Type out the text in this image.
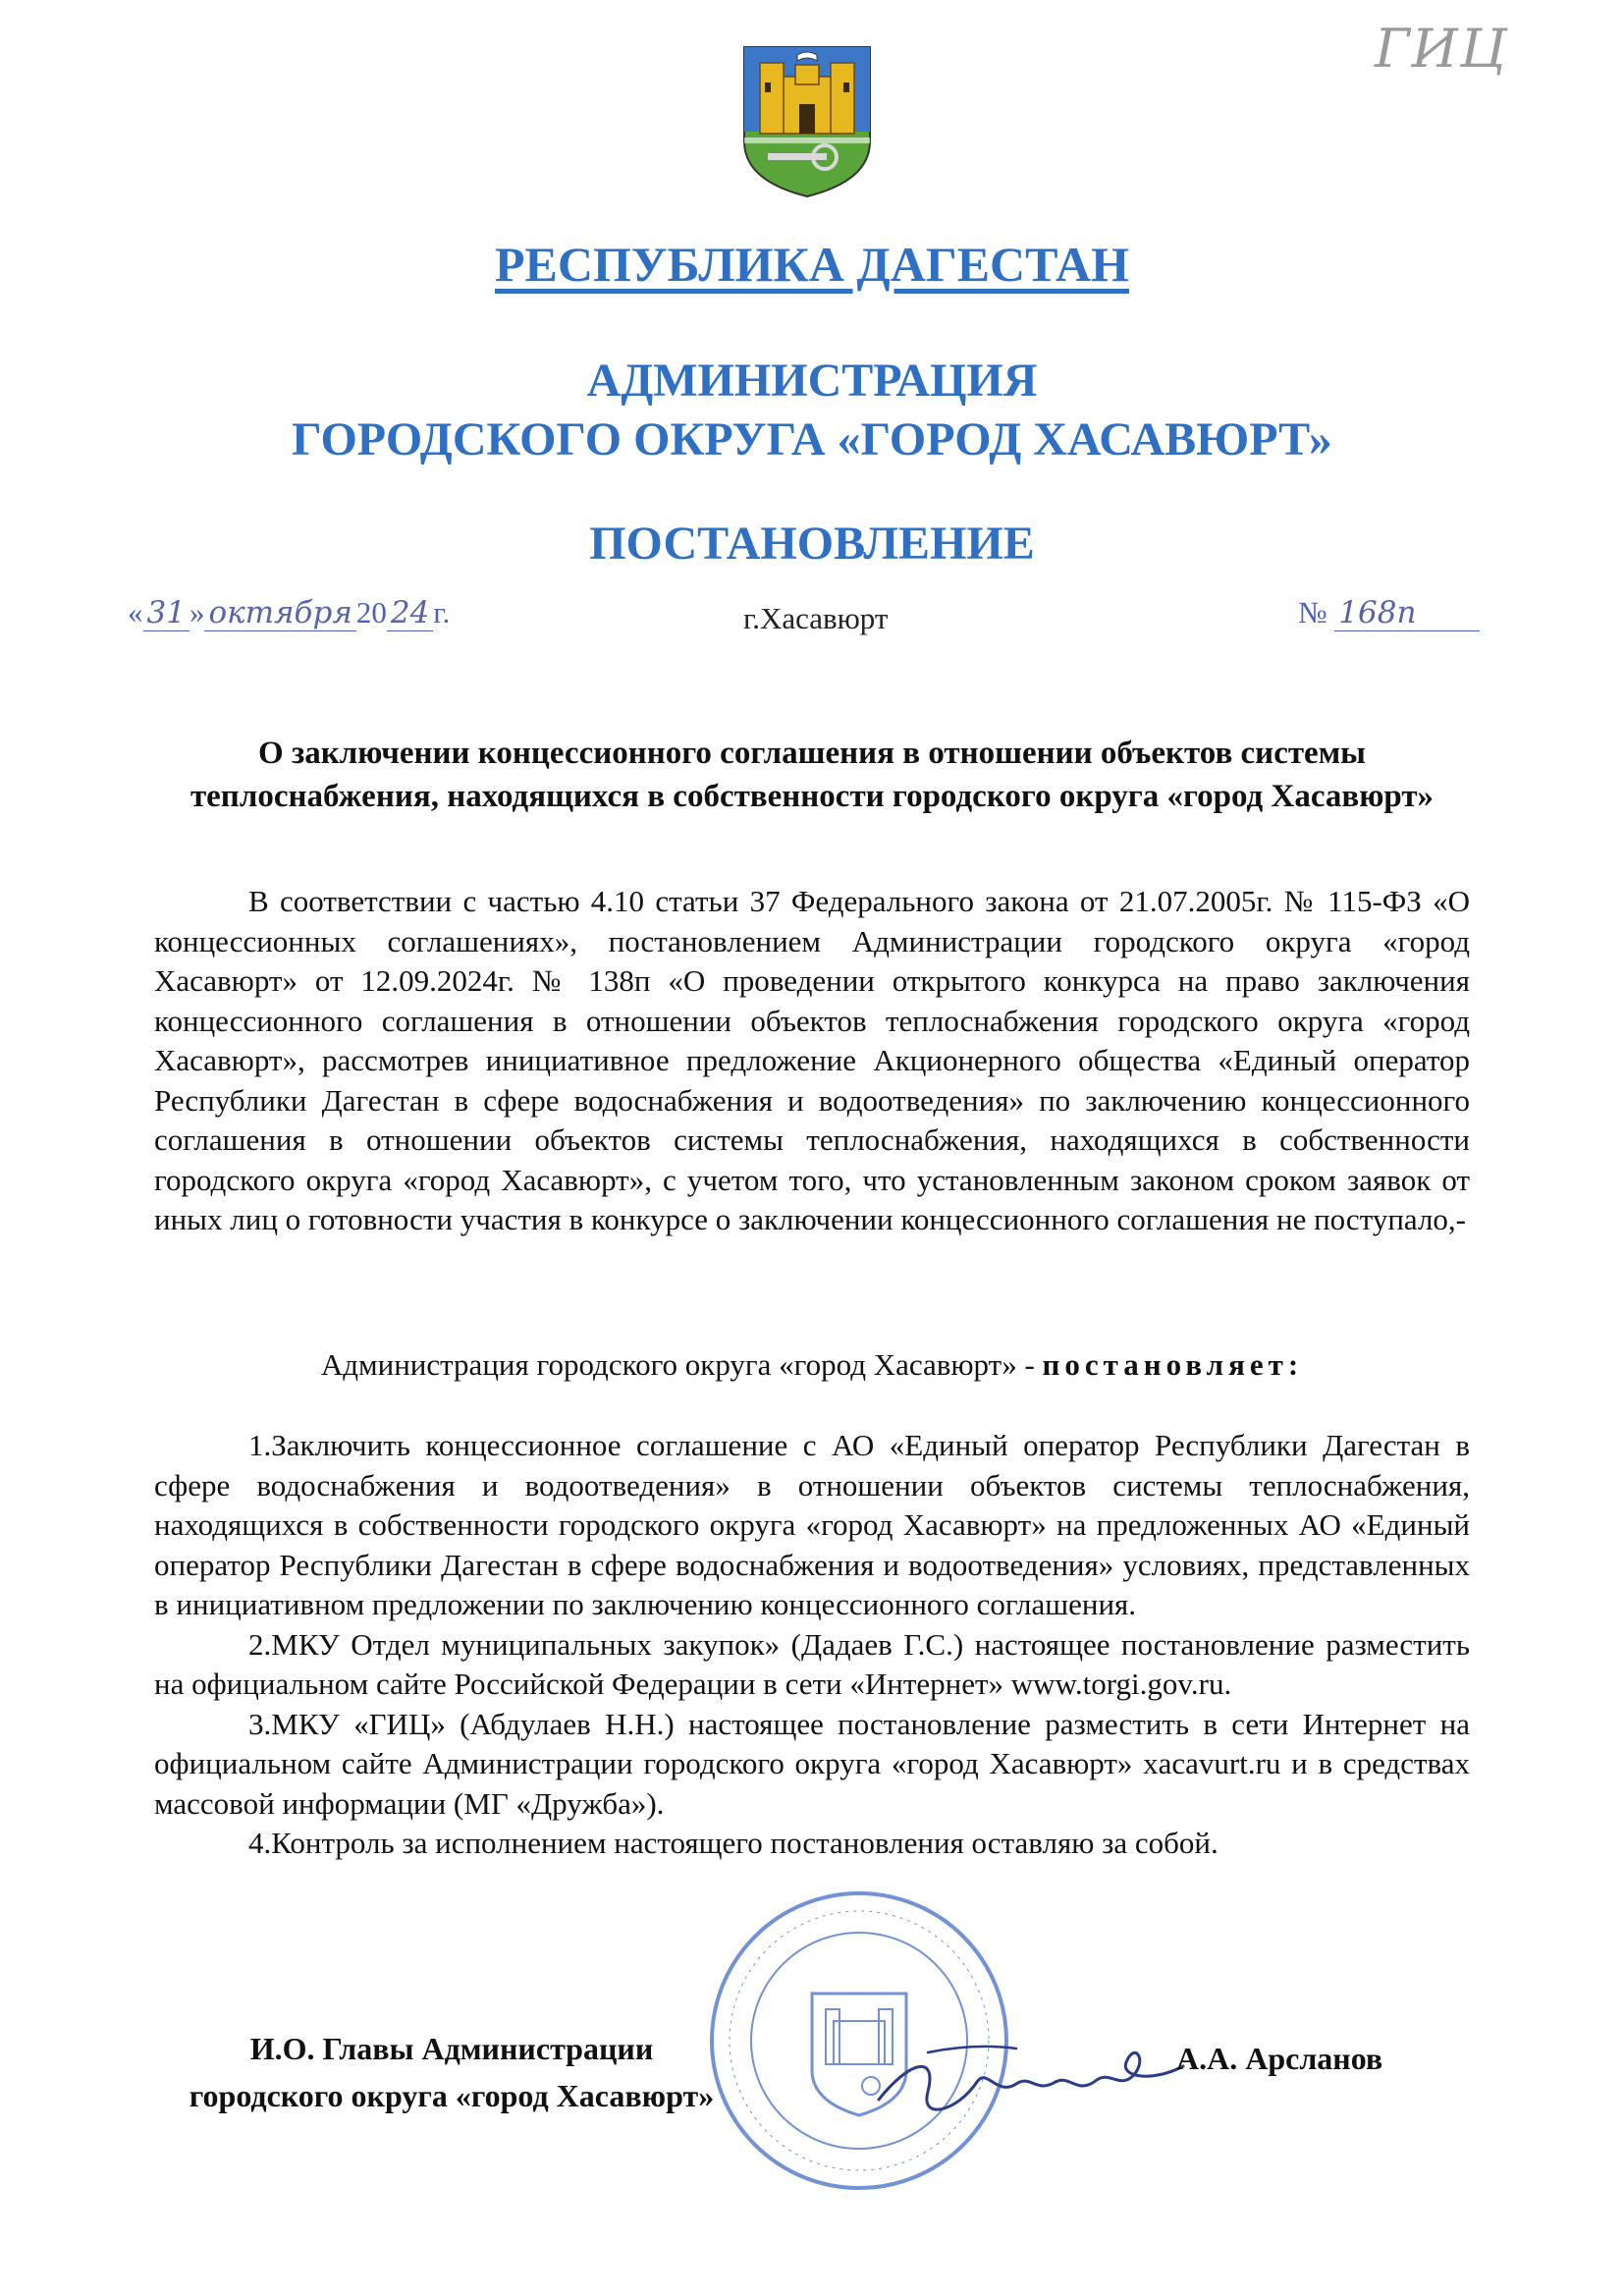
ГИЦ
РЕСПУБЛИКА ДАГЕСТАН
АДМИНИСТРАЦИЯ
ГОРОДСКОГО ОКРУГА «ГОРОД ХАСАВЮРТ»
ПОСТАНОВЛЕНИЕ
« 31 » октября 20 24 г.	г.Хасавюрт	№ 168п
О заключении концессионного соглашения в отношении объектов системы
теплоснабжения, находящихся в собственности городского округа «город Хасавюрт»
В соответствии с частью 4.10 статьи 37 Федерального закона от 21.07.2005г. № 115-ФЗ «О концессионных соглашениях», постановлением Администрации городского округа «город Хасавюрт» от 12.09.2024г. № 138п «О проведении открытого конкурса на право заключения концессионного соглашения в отношении объектов теплоснабжения городского округа «город Хасавюрт», рассмотрев инициативное предложение Акционерного общества «Единый оператор Республики Дагестан в сфере водоснабжения и водоотведения» по заключению концессионного соглашения в отношении объектов системы теплоснабжения, находящихся в собственности городского округа «город Хасавюрт», с учетом того, что установленным законом сроком заявок от иных лиц о готовности участия в конкурсе о заключении концессионного соглашения не поступало,-
Администрация городского округа «город Хасавюрт» - постановляет:

1.Заключить концессионное соглашение с АО «Единый оператор Республики Дагестан в сфере водоснабжения и водоотведения» в отношении объектов системы теплоснабжения, находящихся в собственности городского округа «город Хасавюрт» на предложенных АО «Единый оператор Республики Дагестан в сфере водоснабжения и водоотведения» условиях, представленных в инициативном предложении по заключению концессионного соглашения.

2.МКУ Отдел муниципальных закупок» (Дадаев Г.С.) настоящее постановление разместить на официальном сайте Российской Федерации в сети «Интернет» www.torgi.gov.ru.

3.МКУ «ГИЦ» (Абдулаев Н.Н.) настоящее постановление разместить в сети Интернет на официальном сайте Администрации городского округа «город Хасавюрт» xacavurt.ru и в средствах массовой информации (МГ «Дружба»).

4.Контроль за исполнением настоящего постановления оставляю за собой.

И.О. Главы Администрации
городского округа «город Хасавюрт»
А.А. Арсланов
